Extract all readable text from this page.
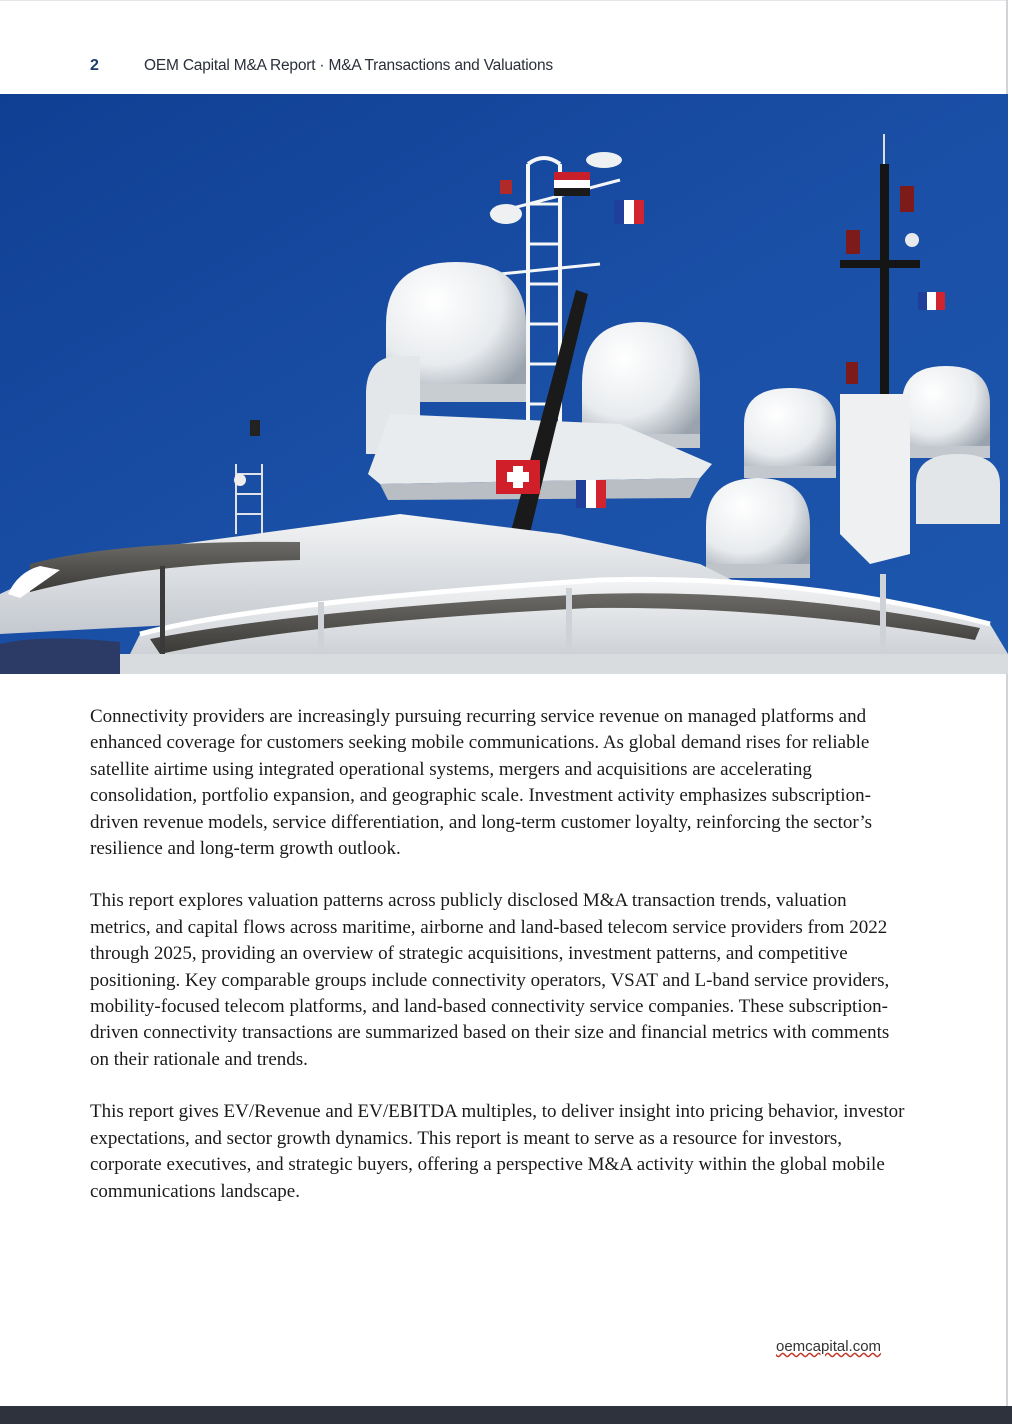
2	OEM Capital M&A Report · M&A Transactions and Valuations

Connectivity providers are increasingly pursuing recurring service revenue on managed platforms and enhanced coverage for customers seeking mobile communications. As global demand rises for reliable satellite airtime using integrated operational systems, mergers and acquisitions are accelerating consolidation, portfolio expansion, and geographic scale. Investment activity emphasizes subscription-driven revenue models, service differentiation, and long-term customer loyalty, reinforcing the sector’s resilience and long-term growth outlook.

This report explores valuation patterns across publicly disclosed M&A transaction trends, valuation metrics, and capital flows across maritime, airborne and land-based telecom service providers from 2022 through 2025, providing an overview of strategic acquisitions, investment patterns, and competitive positioning. Key comparable groups include connectivity operators, VSAT and L-band service providers, mobility-focused telecom platforms, and land-based connectivity service companies. These subscription-driven connectivity transactions are summarized based on their size and financial metrics with comments on their rationale and trends.

This report gives EV/Revenue and EV/EBITDA multiples, to deliver insight into pricing behavior, investor expectations, and sector growth dynamics. This report is meant to serve as a resource for investors, corporate executives, and strategic buyers, offering a perspective M&A activity within the global mobile communications landscape.

oemcapital.com
